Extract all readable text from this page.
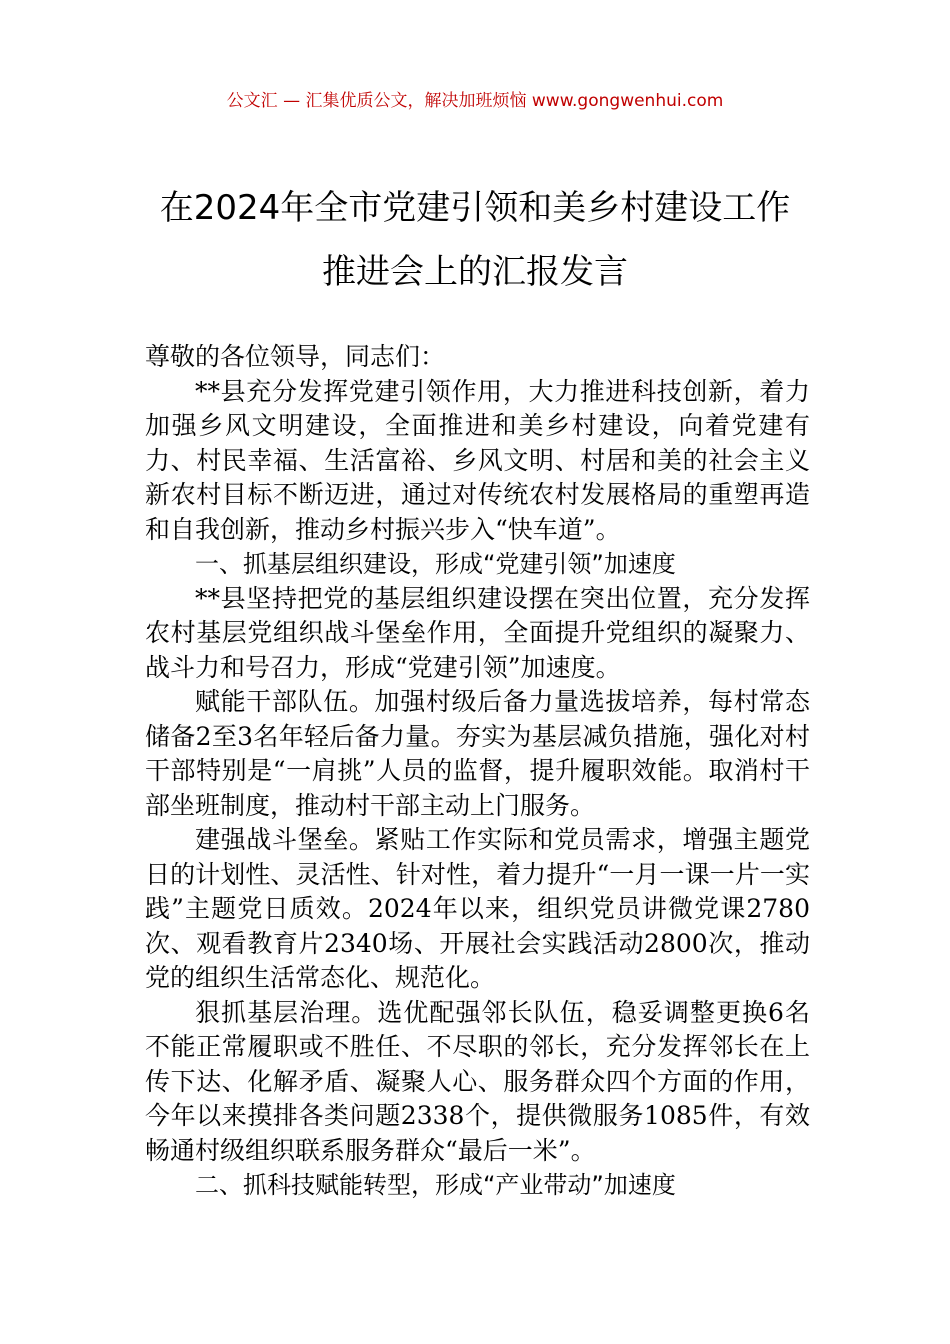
公文汇 — 汇集优质公文，解决加班烦恼 www.gongwenhui.com
在2024年全市党建引领和美乡村建设工作
推进会上的汇报发言

尊敬的各位领导，同志们：

**县充分发挥党建引领作用，大力推进科技创新，着力加强乡风文明建设，全面推进和美乡村建设，向着党建有力、村民幸福、生活富裕、乡风文明、村居和美的社会主义新农村目标不断迈进，通过对传统农村发展格局的重塑再造和自我创新，推动乡村振兴步入“快车道”。

一、抓基层组织建设，形成“党建引领”加速度

**县坚持把党的基层组织建设摆在突出位置，充分发挥农村基层党组织战斗堡垒作用，全面提升党组织的凝聚力、战斗力和号召力，形成“党建引领”加速度。

赋能干部队伍。加强村级后备力量选拔培养，每村常态储备2至3名年轻后备力量。夯实为基层减负措施，强化对村干部特别是“一肩挑”人员的监督，提升履职效能。取消村干部坐班制度，推动村干部主动上门服务。

建强战斗堡垒。紧贴工作实际和党员需求，增强主题党日的计划性、灵活性、针对性，着力提升“一月一课一片一实践”主题党日质效。2024年以来，组织党员讲微党课2780次、观看教育片2340场、开展社会实践活动2800次，推动党的组织生活常态化、规范化。

狠抓基层治理。选优配强邻长队伍，稳妥调整更换6名不能正常履职或不胜任、不尽职的邻长，充分发挥邻长在上传下达、化解矛盾、凝聚人心、服务群众四个方面的作用，今年以来摸排各类问题2338个，提供微服务1085件，有效畅通村级组织联系服务群众“最后一米”。

二、抓科技赋能转型，形成“产业带动”加速度
